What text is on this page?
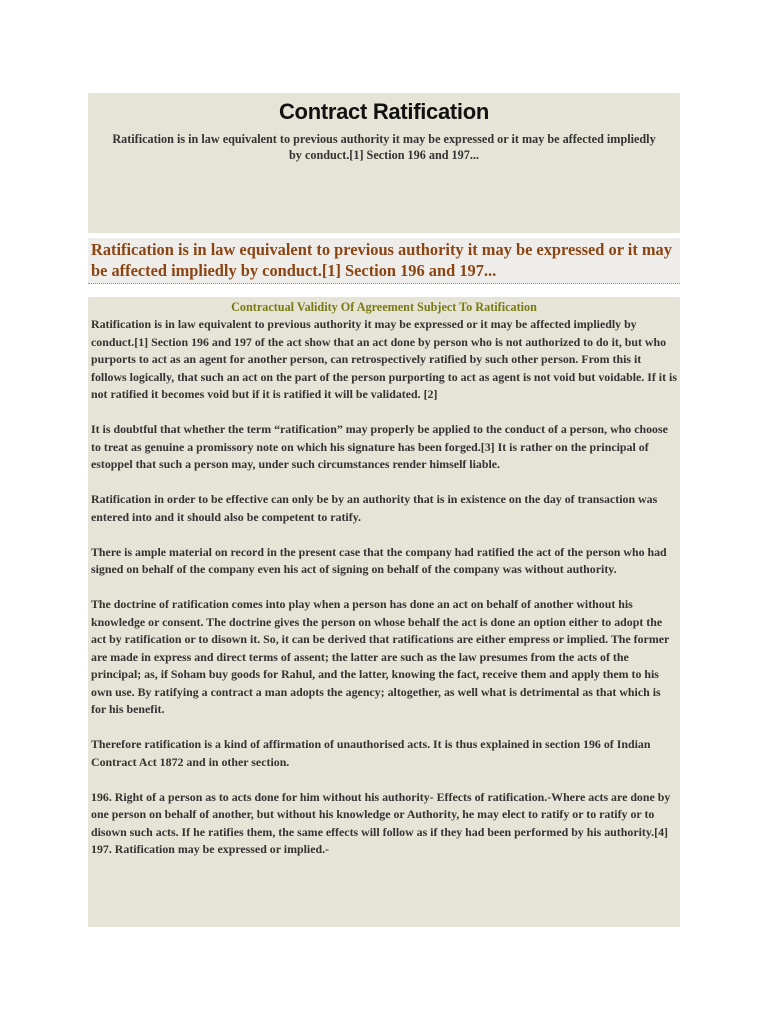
Contract Ratification

Ratification is in law equivalent to previous authority it may be expressed or it may be affected impliedly by conduct.[1] Section 196 and 197...

Ratification is in law equivalent to previous authority it may be expressed or it may be affected impliedly by conduct.[1] Section 196 and 197...

Contractual Validity Of Agreement Subject To Ratification

Ratification is in law equivalent to previous authority it may be expressed or it may be affected impliedly by conduct.[1] Section 196 and 197 of the act show that an act done by person who is not authorized to do it, but who purports to act as an agent for another person, can retrospectively ratified by such other person. From this it follows logically, that such an act on the part of the person purporting to act as agent is not void but voidable. If it is not ratified it becomes void but if it is ratified it will be validated. [2]

It is doubtful that whether the term “ratification” may properly be applied to the conduct of a person, who choose to treat as genuine a promissory note on which his signature has been forged.[3] It is rather on the principal of estoppel that such a person may, under such circumstances render himself liable.

Ratification in order to be effective can only be by an authority that is in existence on the day of transaction was entered into and it should also be competent to ratify.

There is ample material on record in the present case that the company had ratified the act of the person who had signed on behalf of the company even his act of signing on behalf of the company was without authority.

The doctrine of ratification comes into play when a person has done an act on behalf of another without his knowledge or consent. The doctrine gives the person on whose behalf the act is done an option either to adopt the act by ratification or to disown it. So, it can be derived that ratifications are either empress or implied. The former are made in express and direct terms of assent; the latter are such as the law presumes from the acts of the principal; as, if Soham buy goods for Rahul, and the latter, knowing the fact, receive them and apply them to his own use. By ratifying a contract a man adopts the agency; altogether, as well what is detrimental as that which is for his benefit.

Therefore ratification is a kind of affirmation of unauthorised acts. It is thus explained in section 196 of Indian Contract Act 1872 and in other section.

196. Right of a person as to acts done for him without his authority- Effects of ratification.-Where acts are done by one person on behalf of another, but without his knowledge or Authority, he may elect to ratify or to ratify or to disown such acts. If he ratifies them, the same effects will follow as if they had been performed by his authority.[4]

197. Ratification may be expressed or implied.-
